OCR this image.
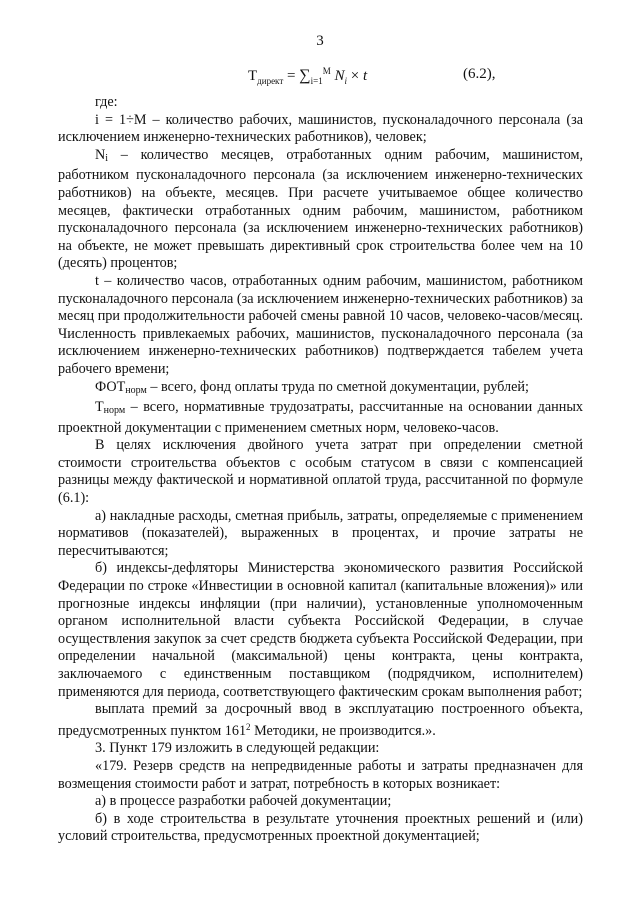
3
$T_{директ} = \sum_{i=1}^M$ $N_i \times t$	(6.2),

где:

i = 1÷M – количество рабочих, машинистов, пусконаладочного персонала (за исключением инженерно-технических работников), человек;

$N_i$ – количество месяцев, отработанных одним рабочим, машинистом, работником пусконаладочного персонала (за исключением инженерно-технических работников) на объекте, месяцев. При расчете учитываемое общее количество месяцев, фактически отработанных одним рабочим, машинистом, работником пусконаладочного персонала (за исключением инженерно-технических работников) на объекте, не может превышать директивный срок строительства более чем на 10 (десять) процентов;

t – количество часов, отработанных одним рабочим, машинистом, работником пусконаладочного персонала (за исключением инженерно-технических работников) за месяц при продолжительности рабочей смены равной 10 часов, человеко-часов/месяц. Численность привлекаемых рабочих, машинистов, пусконаладочного персонала (за исключением инженерно-технических работников) подтверждается табелем учета рабочего времени;

$ФОТ_{норм}$ – всего, фонд оплаты труда по сметной документации, рублей;

$T_{норм}$ – всего, нормативные трудозатраты, рассчитанные на основании данных проектной документации с применением сметных норм, человеко-часов.

В целях исключения двойного учета затрат при определении сметной стоимости строительства объектов с особым статусом в связи с компенсацией разницы между фактической и нормативной оплатой труда, рассчитанной по формуле (6.1):

а) накладные расходы, сметная прибыль, затраты, определяемые с применением нормативов (показателей), выраженных в процентах, и прочие затраты не пересчитываются;

б) индексы-дефляторы Министерства экономического развития Российской Федерации по строке «Инвестиции в основной капитал (капитальные вложения)» или прогнозные индексы инфляции (при наличии), установленные уполномоченным органом исполнительной власти субъекта Российской Федерации, в случае осуществления закупок за счет средств бюджета субъекта Российской Федерации, при определении начальной (максимальной) цены контракта, цены контракта, заключаемого с единственным поставщиком (подрядчиком, исполнителем) применяются для периода, соответствующего фактическим срокам выполнения работ;

выплата премий за досрочный ввод в эксплуатацию построенного объекта, предусмотренных пунктом $161^2$ Методики, не производится.».

3. Пункт 179 изложить в следующей редакции:

«179. Резерв средств на непредвиденные работы и затраты предназначен для возмещения стоимости работ и затрат, потребность в которых возникает:

а) в процессе разработки рабочей документации;

б) в ходе строительства в результате уточнения проектных решений и (или) условий строительства, предусмотренных проектной документацией;
